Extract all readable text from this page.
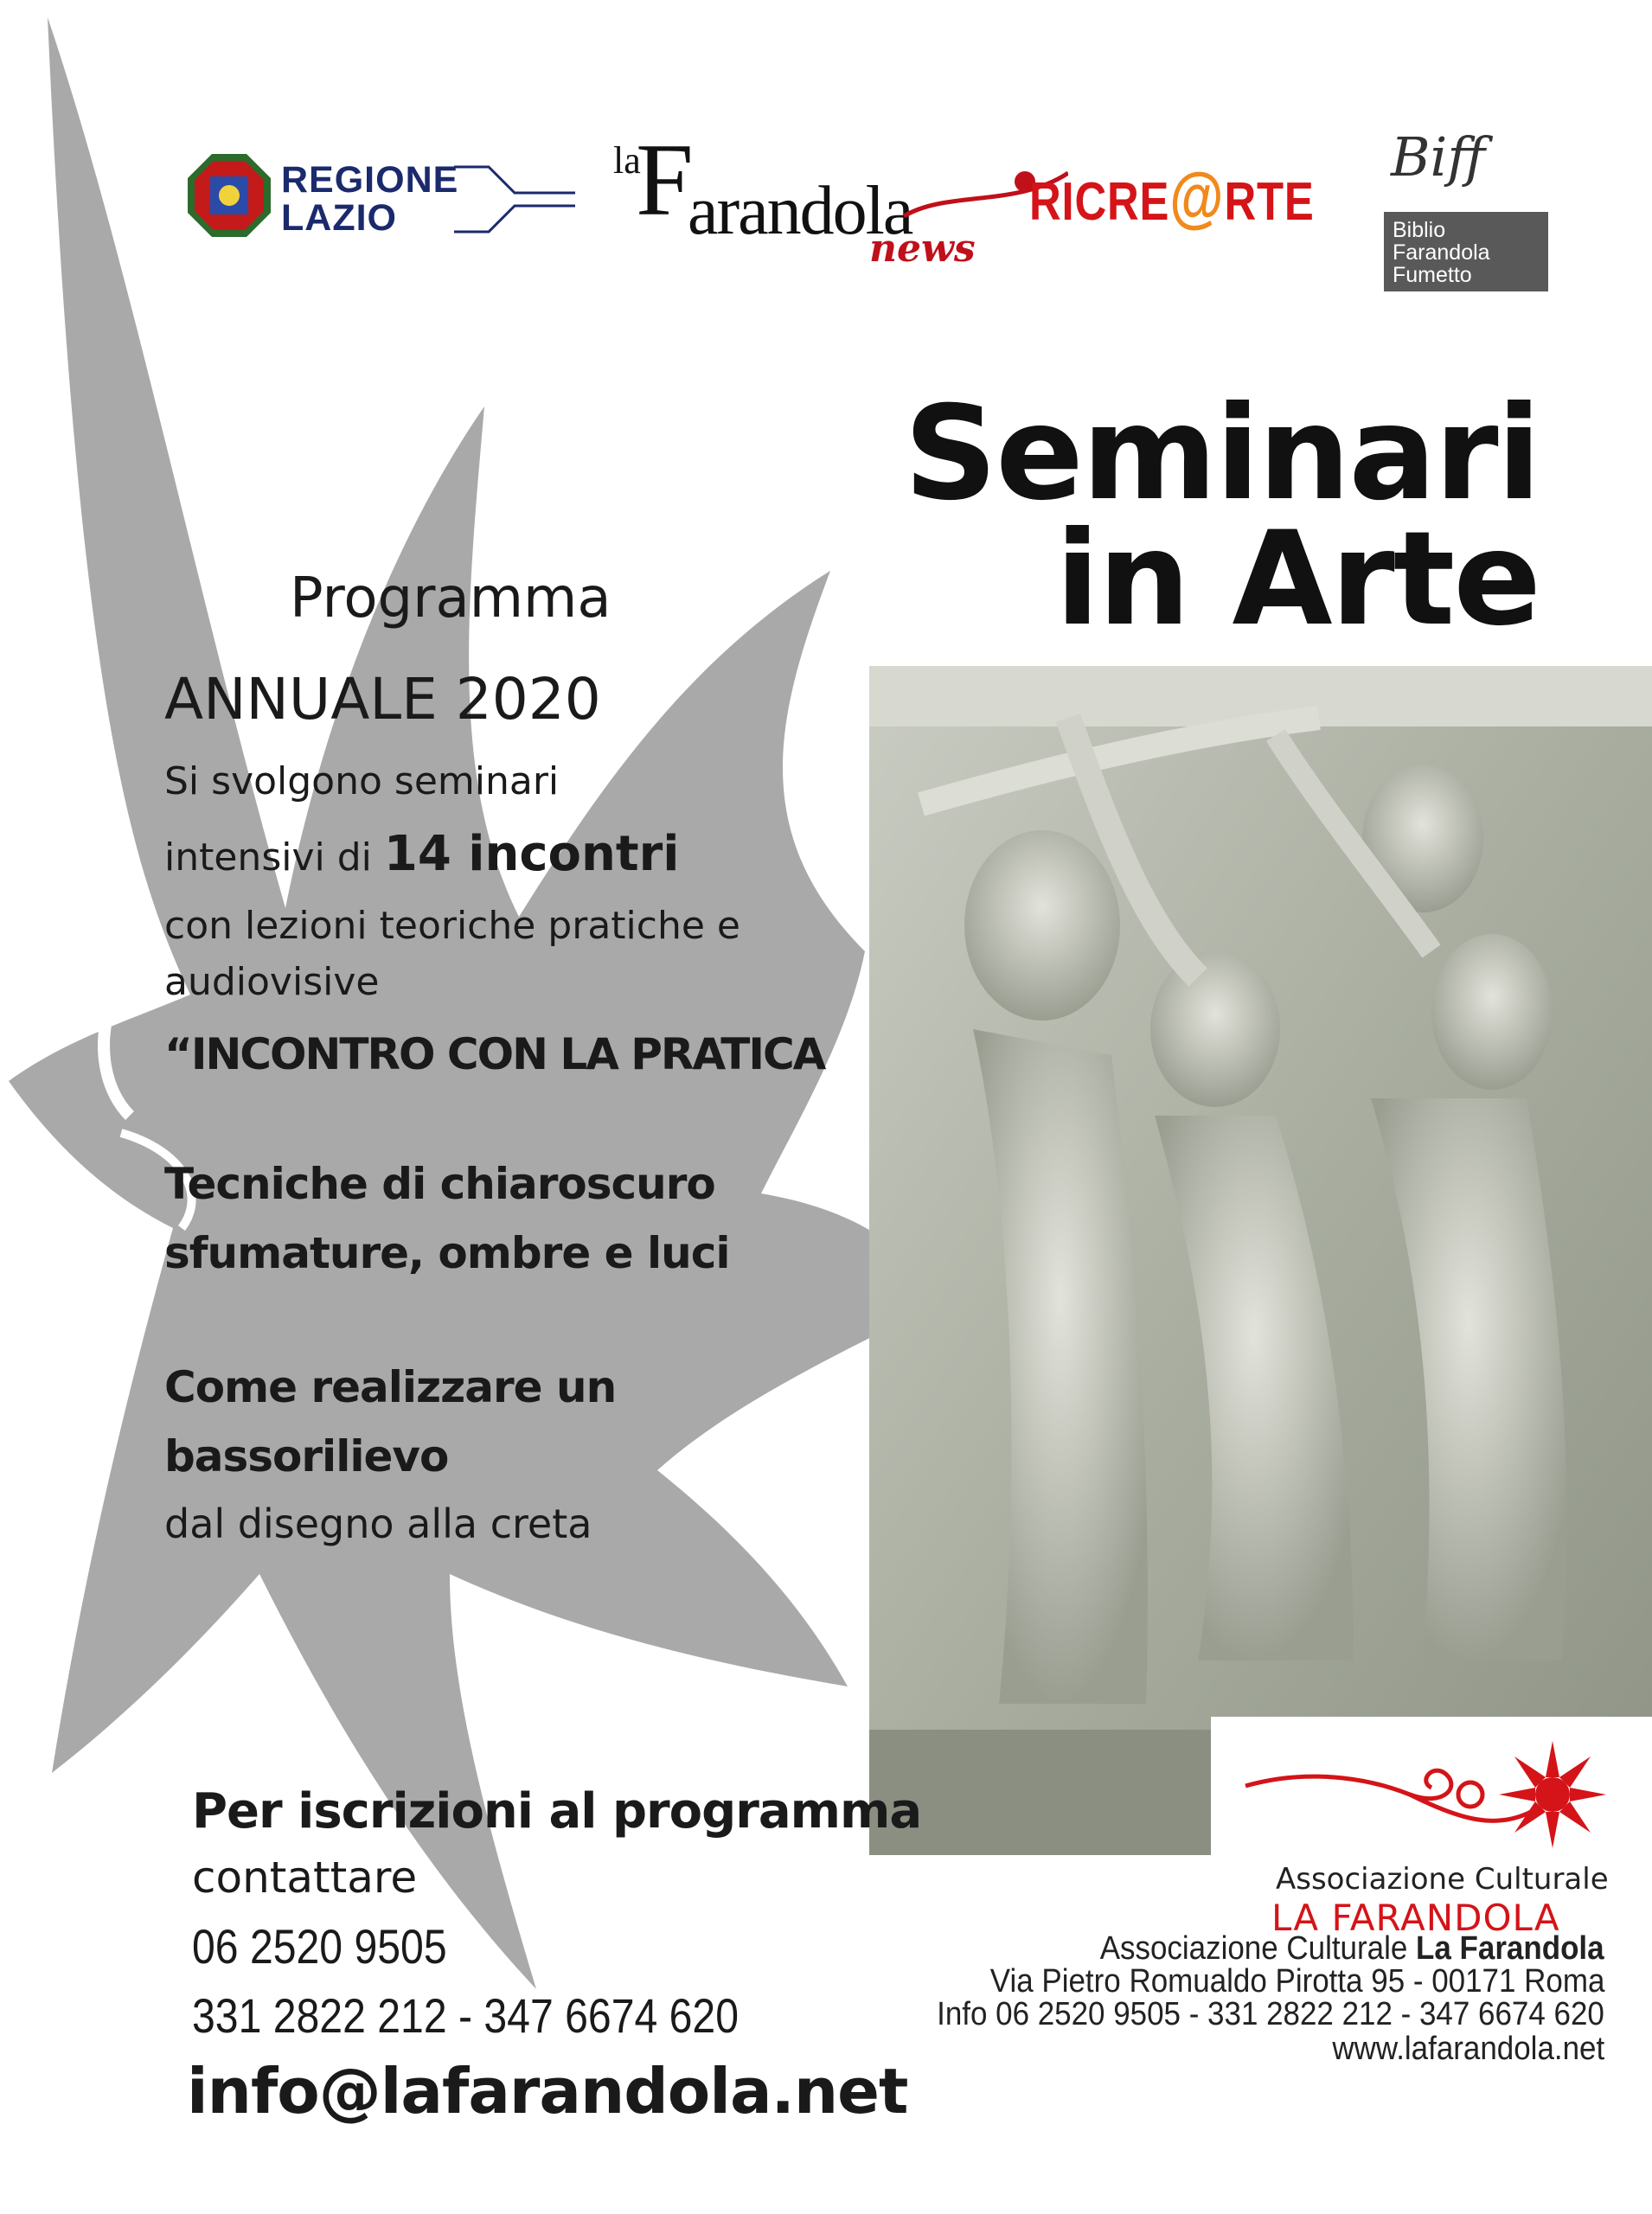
REGIONE
LAZIO
la
F
arandola
news
RICRE@RTE
Biff
Biblio
Farandola
Fumetto
Seminari
in Arte
Programma
ANNUALE 2020
Si svolgono seminari
intensivi di 14 incontri
con lezioni teoriche pratiche e
audiovisive
“INCONTRO CON LA PRATICA
Tecniche di chiaroscuro
sfumature, ombre e luci
Come realizzare un
bassorilievo
dal disegno alla creta
Per iscrizioni al programma
contattare
06 2520 9505
331 2822 212 - 347 6674 620
info@lafarandola.net
Associazione Culturale
LA FARANDOLA
Associazione Culturale La Farandola
Via Pietro Romualdo Pirotta 95 - 00171 Roma
Info 06 2520 9505 - 331 2822 212 - 347 6674 620
www.lafarandola.net
